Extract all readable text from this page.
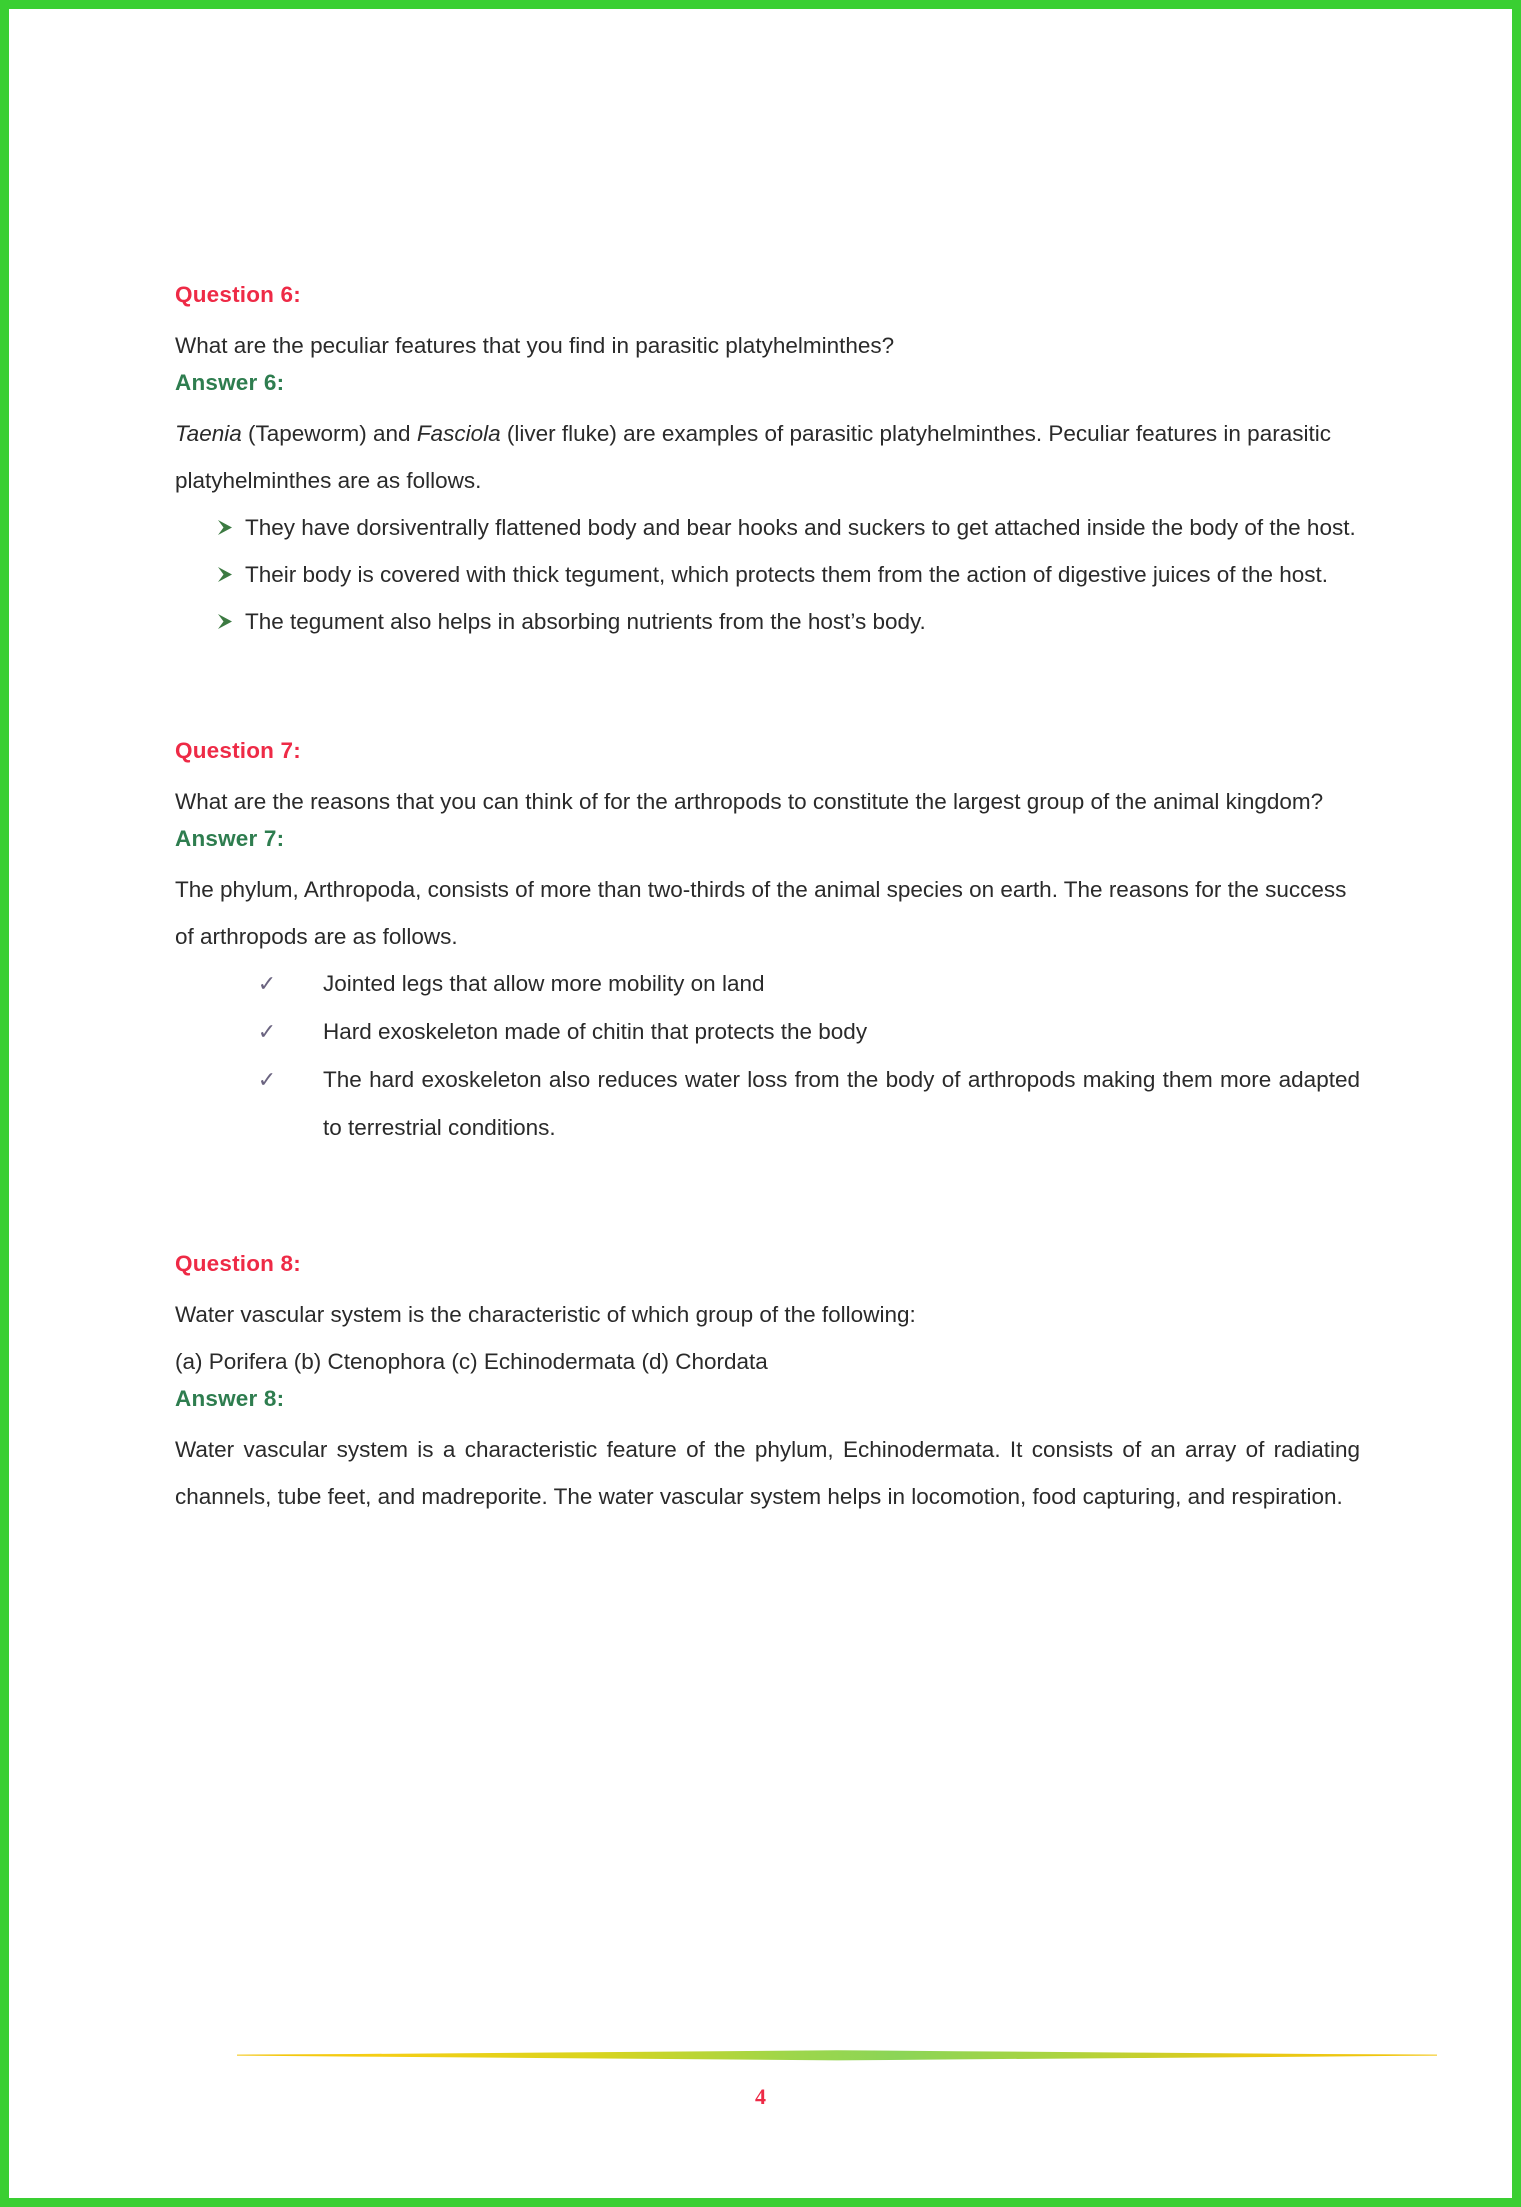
Question 6:

What are the peculiar features that you find in parasitic platyhelminthes?

Answer 6:

Taenia (Tapeworm) and Fasciola (liver fluke) are examples of parasitic platyhelminthes. Peculiar features in parasitic platyhelminthes are as follows.

They have dorsiventrally flattened body and bear hooks and suckers to get attached inside the body of the host.
Their body is covered with thick tegument, which protects them from the action of digestive juices of the host.
The tegument also helps in absorbing nutrients from the host’s body.
Question 7:

What are the reasons that you can think of for the arthropods to constitute the largest group of the animal kingdom?

Answer 7:

The phylum, Arthropoda, consists of more than two-thirds of the animal species on earth. The reasons for the success of arthropods are as follows.

✓ Jointed legs that allow more mobility on land
✓ Hard exoskeleton made of chitin that protects the body
✓ The hard exoskeleton also reduces water loss from the body of arthropods making them more adapted to terrestrial conditions.
Question 8:

Water vascular system is the characteristic of which group of the following:

(a) Porifera (b) Ctenophora (c) Echinodermata (d) Chordata

Answer 8:

Water vascular system is a characteristic feature of the phylum, Echinodermata. It consists of an array of radiating channels, tube feet, and madreporite. The water vascular system helps in locomotion, food capturing, and respiration.

4
